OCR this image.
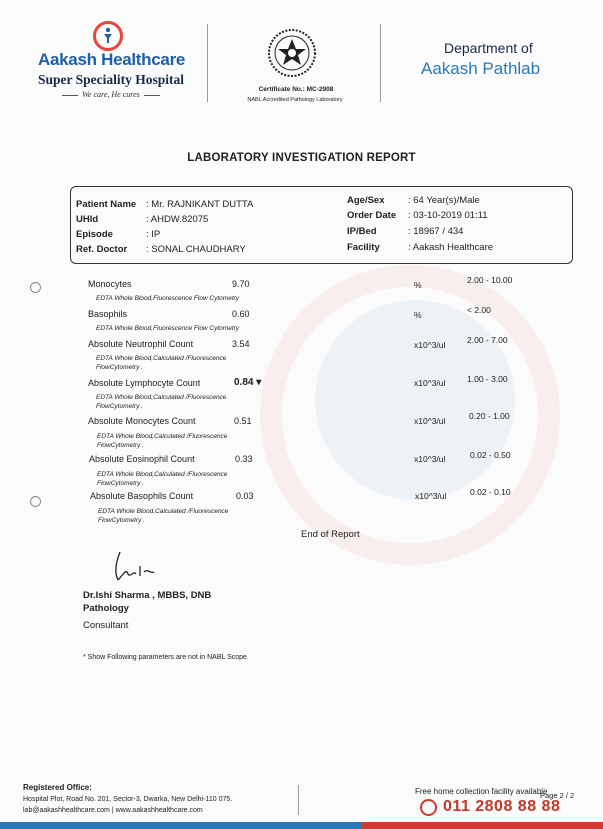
Aakash Healthcare
Super Speciality Hospital
We care, He cures
Certificate No.: MC-2908
NABL Accredited Pathology Laboratory
Department of
Aakash Pathlab
LABORATORY INVESTIGATION REPORT
Patient Name : Mr. RAJNIKANT DUTTA
UHId	: AHDW.82075
Episode	: IP
Ref. Doctor : SONAL CHAUDHARY
Age/Sex : 64 Year(s)/Male
Order Date : 03-10-2019 01:11
IP/Bed	: 18967 / 434
Facility	: Aakash Healthcare
Monocytes	9.70	%	2.00 - 10.00
EDTA Whole Blood,Fluorescence Flow Cytometry
Basophils	0.60	%	< 2.00
EDTA Whole Blood,Fluorescence Flow Cytometry
Absolute Neutrophil Count	3.54	x10^3/ul	2.00 - 7.00
EDTA Whole Blood,Calculated /Fluorescence FlowCytometry .
Absolute Lymphocyte Count	0.84 ▾	x10^3/ul	1.00 - 3.00
EDTA Whole Blood,Calculated /Fluorescence FlowCytometry .
Absolute Monocytes Count	0.51	x10^3/ul	0.20 - 1.00
EDTA Whole Blood,Calculated /Fluorescence FlowCytometry .
Absolute Eosinophil Count	0.33	x10^3/ul	0.02 - 0.50
EDTA Whole Blood,Calculated /Fluorescence FlowCytometry .
Absolute Basophils Count	0.03	x10^3/ul	0.02 - 0.10
EDTA Whole Blood,Calculated /Fluorescence FlowCytometry .
End of Report
Dr.Ishi Sharma , MBBS, DNB
Pathology
Consultant
* Show Following parameters are not in NABL Scope.
Registered Office:
Hospital Plot, Road No. 201, Sector-3, Dwarka, New Delhi-110 075.
lab@aakashhealthcare.com | www.aakashhealthcare.com
Free home collection facility available
Page 2 / 2
011 2808 88 88
